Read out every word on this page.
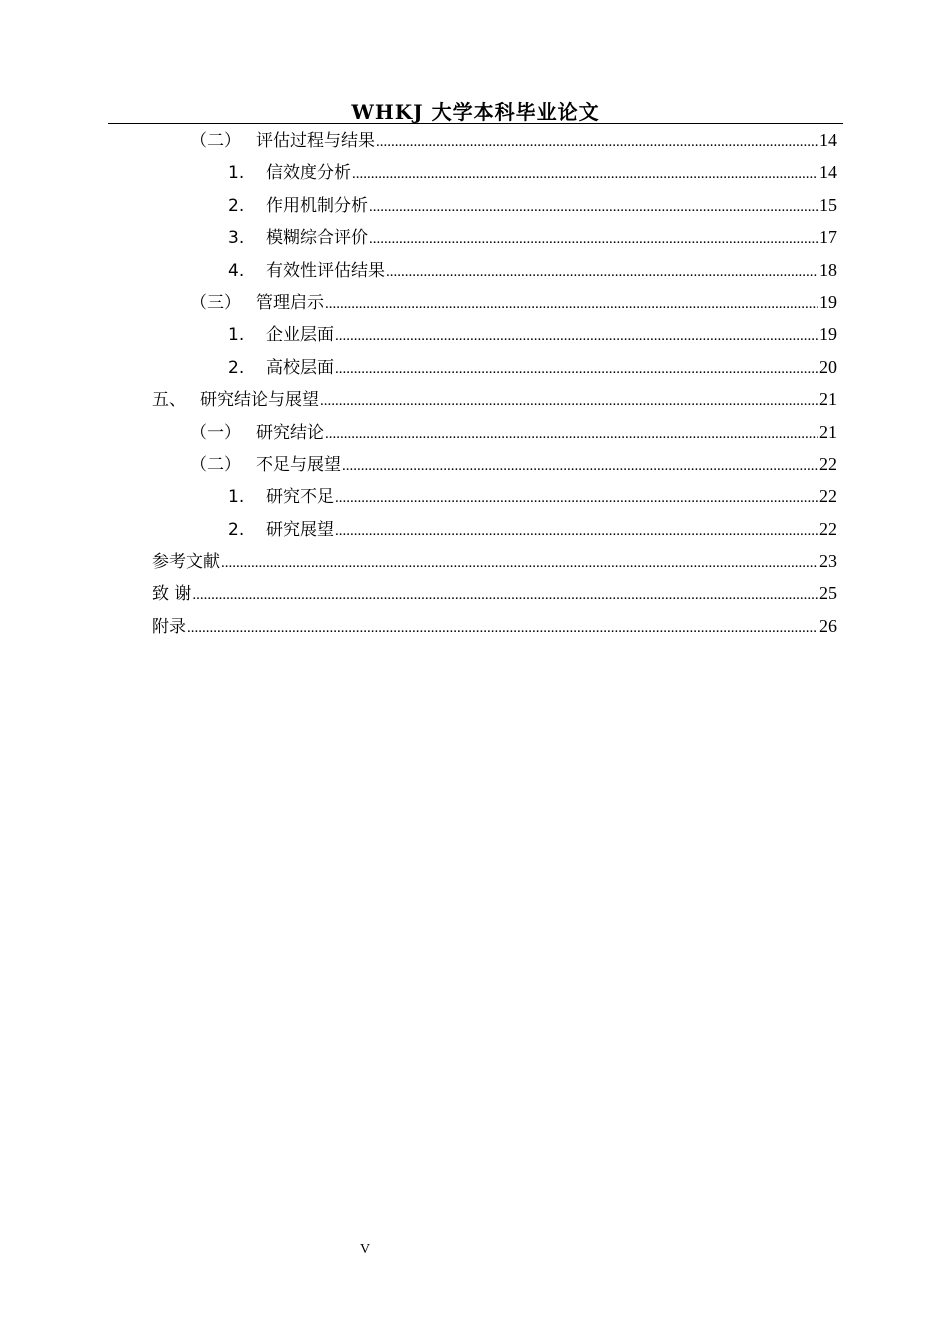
WHKJ 大学本科毕业论文
（二） 评估过程与结果 .....	14
1.	信效度分析 .....	14
2.	作用机制分析 .....	15
3.	模糊综合评价 .....	17
4.	有效性评估结果 .....	18
（三） 管理启示 .....	19
1.	企业层面 .....	19
2.	高校层面 .....	20
五、 研究结论与展望 .....	21
（一） 研究结论 .....	21
（二） 不足与展望 .....	22
1.	研究不足 .....	22
2.	研究展望 .....	22
参考文献 .....	23
致 谢 .....	25
附录 .....	26
V
